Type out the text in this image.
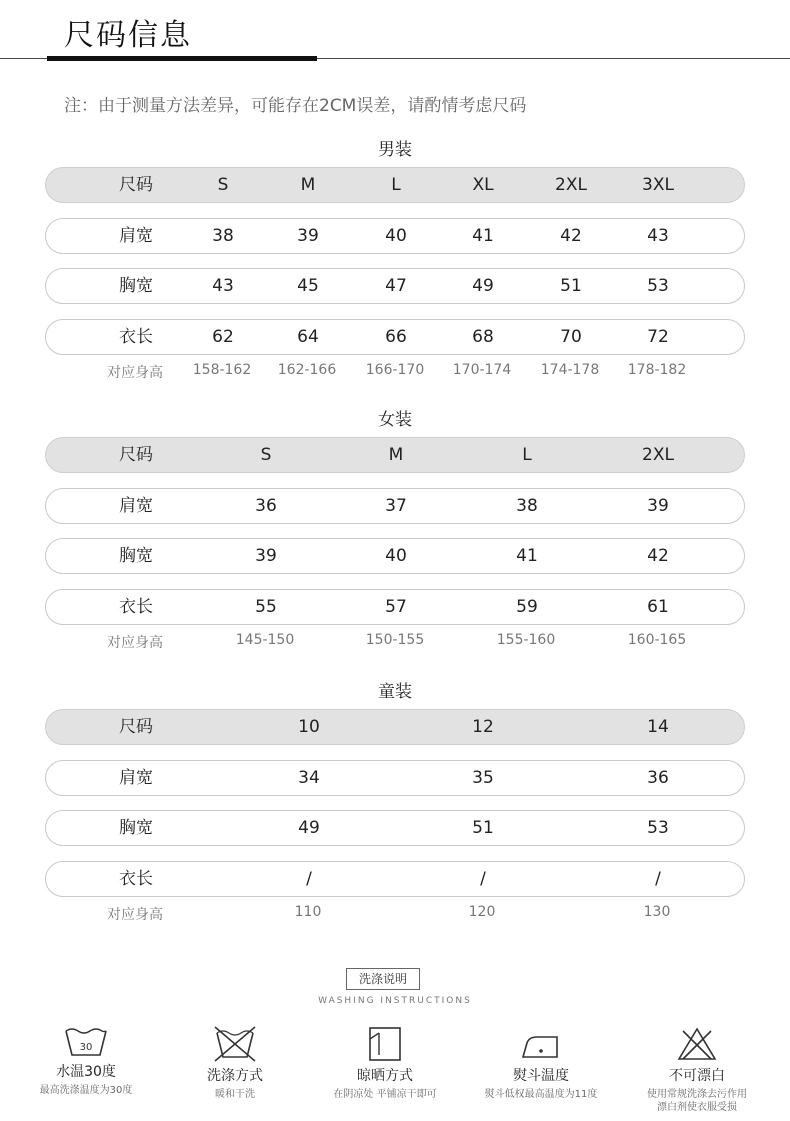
尺码信息
注：由于测量方法差异，可能存在2CM误差，请酌情考虑尺码
男装
尺码	S	M	L	XL	2XL	3XL
肩宽	38	39	40	41	42	43
胸宽	43	45	47	49	51	53
衣长	62	64	66	68	70	72
对应身高 158-162 162-166 166-170 170-174 174-178 178-182
女装
尺码	S	M	L	2XL
肩宽	36	37	38	39
胸宽	39	40	41	42
衣长	55	57	59	61
对应身高	145-150	150-155	155-160	160-165
童装
尺码	10	12	14
肩宽	34	35	36
胸宽	49	51	53
衣长	/	/	/
对应身高	110	120	130
洗涤说明
WASHING INSTRUCTIONS
30
水温30度
最高洗涤温度为30度
洗涤方式
暖和干洗
晾晒方式
在阴凉处 平铺凉干即可
熨斗温度
熨斗低权最高温度为11度
不可漂白
使用常规洗涤去污作用
漂白剂使衣服受损
